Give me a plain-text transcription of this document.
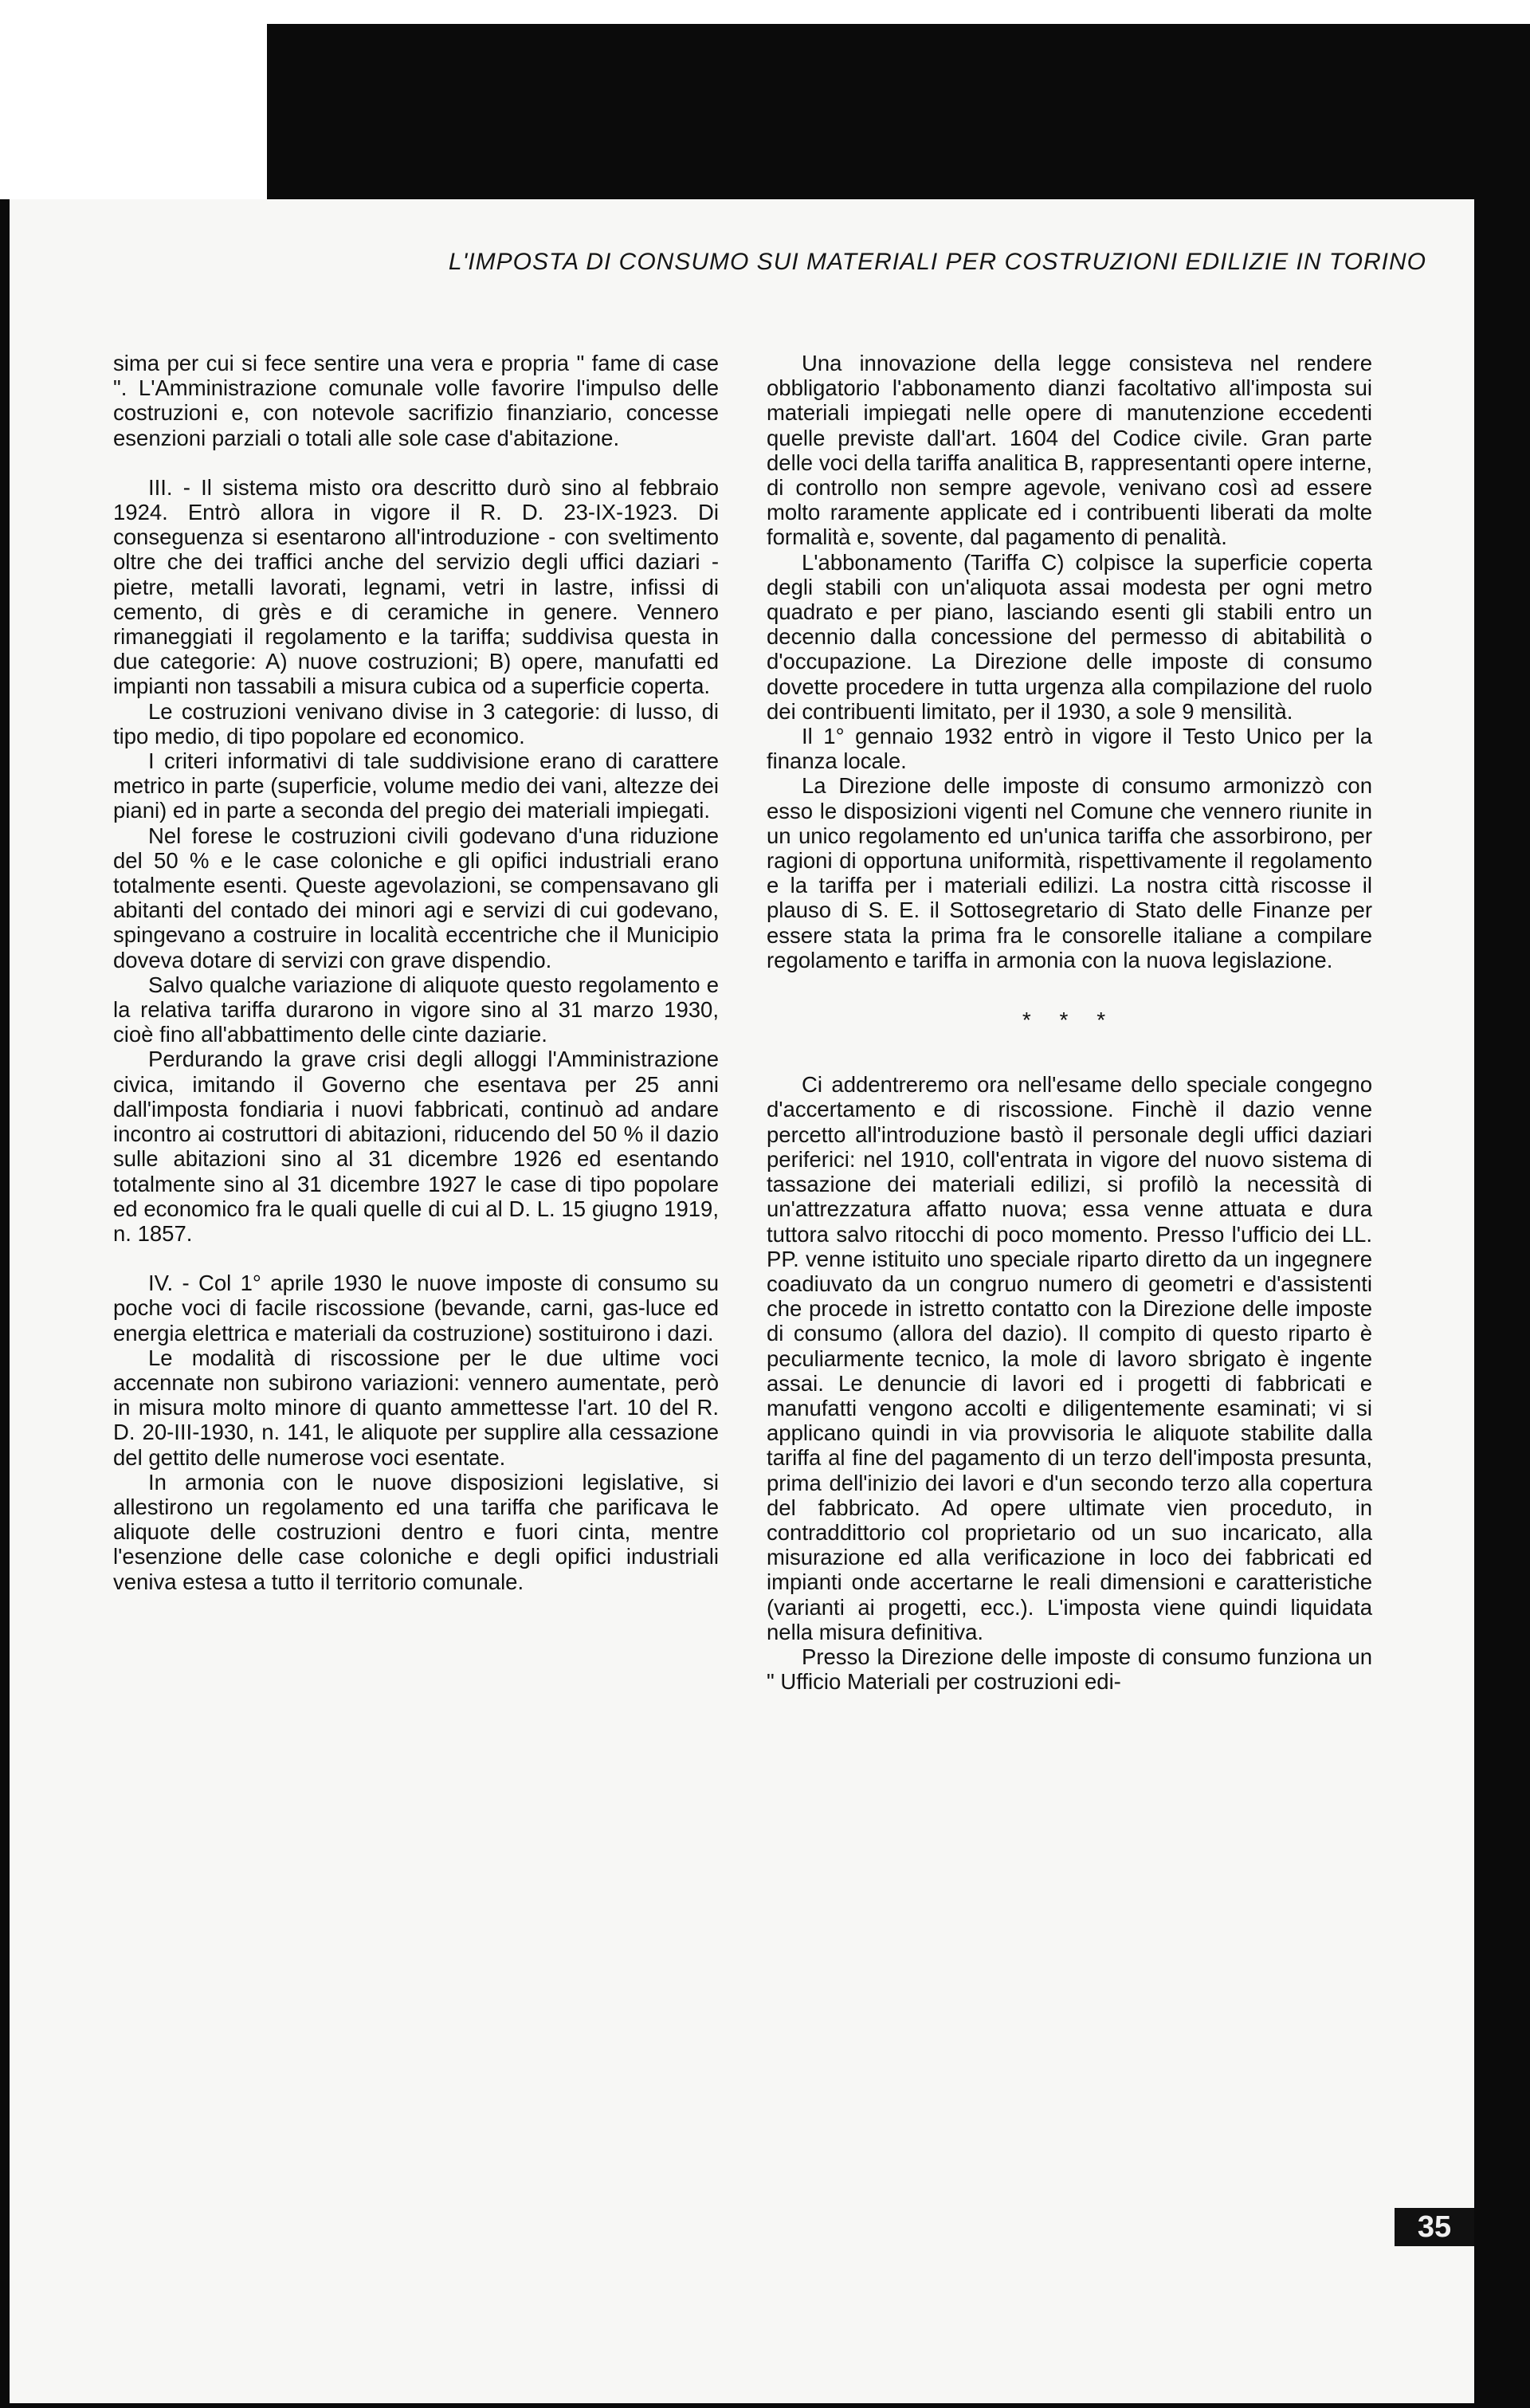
L'IMPOSTA DI CONSUMO SUI MATERIALI PER COSTRUZIONI EDILIZIE IN TORINO

sima per cui si fece sentire una vera e propria " fame di case ". L'Amministrazione comunale volle favorire l'impulso delle costruzioni e, con notevole sacrifizio finanziario, concesse esenzioni parziali o totali alle sole case d'abitazione.

III. - Il sistema misto ora descritto durò sino al febbraio 1924. Entrò allora in vigore il R. D. 23-IX-1923. Di conseguenza si esentarono all'introduzione - con sveltimento oltre che dei traffici anche del servizio degli uffici daziari - pietre, metalli lavorati, legnami, vetri in lastre, infissi di cemento, di grès e di ceramiche in genere. Vennero rimaneggiati il regolamento e la tariffa; suddivisa questa in due categorie: A) nuove costruzioni; B) opere, manufatti ed impianti non tassabili a misura cubica od a superficie coperta.

Le costruzioni venivano divise in 3 categorie: di lusso, di tipo medio, di tipo popolare ed economico.

I criteri informativi di tale suddivisione erano di carattere metrico in parte (superficie, volume medio dei vani, altezze dei piani) ed in parte a seconda del pregio dei materiali impiegati.

Nel forese le costruzioni civili godevano d'una riduzione del 50 % e le case coloniche e gli opifici industriali erano totalmente esenti. Queste agevolazioni, se compensavano gli abitanti del contado dei minori agi e servizi di cui godevano, spingevano a costruire in località eccentriche che il Municipio doveva dotare di servizi con grave dispendio.

Salvo qualche variazione di aliquote questo regolamento e la relativa tariffa durarono in vigore sino al 31 marzo 1930, cioè fino all'abbattimento delle cinte daziarie.

Perdurando la grave crisi degli alloggi l'Amministrazione civica, imitando il Governo che esentava per 25 anni dall'imposta fondiaria i nuovi fabbricati, continuò ad andare incontro ai costruttori di abitazioni, riducendo del 50 % il dazio sulle abitazioni sino al 31 dicembre 1926 ed esentando totalmente sino al 31 dicembre 1927 le case di tipo popolare ed economico fra le quali quelle di cui al D. L. 15 giugno 1919, n. 1857.

IV. - Col 1° aprile 1930 le nuove imposte di consumo su poche voci di facile riscossione (bevande, carni, gas-luce ed energia elettrica e materiali da costruzione) sostituirono i dazi.

Le modalità di riscossione per le due ultime voci accennate non subirono variazioni: vennero aumentate, però in misura molto minore di quanto ammettesse l'art. 10 del R. D. 20-III-1930, n. 141, le aliquote per supplire alla cessazione del gettito delle numerose voci esentate.

In armonia con le nuove disposizioni legislative, si allestirono un regolamento ed una tariffa che parificava le aliquote delle costruzioni dentro e fuori cinta, mentre l'esenzione delle case coloniche e degli opifici industriali veniva estesa a tutto il territorio comunale.

Una innovazione della legge consisteva nel rendere obbligatorio l'abbonamento dianzi facoltativo all'imposta sui materiali impiegati nelle opere di manutenzione eccedenti quelle previste dall'art. 1604 del Codice civile. Gran parte delle voci della tariffa analitica B, rappresentanti opere interne, di controllo non sempre agevole, venivano così ad essere molto raramente applicate ed i contribuenti liberati da molte formalità e, sovente, dal pagamento di penalità.

L'abbonamento (Tariffa C) colpisce la superficie coperta degli stabili con un'aliquota assai modesta per ogni metro quadrato e per piano, lasciando esenti gli stabili entro un decennio dalla concessione del permesso di abitabilità o d'occupazione. La Direzione delle imposte di consumo dovette procedere in tutta urgenza alla compilazione del ruolo dei contribuenti limitato, per il 1930, a sole 9 mensilità.

Il 1° gennaio 1932 entrò in vigore il Testo Unico per la finanza locale.

La Direzione delle imposte di consumo armonizzò con esso le disposizioni vigenti nel Comune che vennero riunite in un unico regolamento ed un'unica tariffa che assorbirono, per ragioni di opportuna uniformità, rispettivamente il regolamento e la tariffa per i materiali edilizi. La nostra città riscosse il plauso di S. E. il Sottosegretario di Stato delle Finanze per essere stata la prima fra le consorelle italiane a compilare regolamento e tariffa in armonia con la nuova legislazione.

* * *

Ci addentreremo ora nell'esame dello speciale congegno d'accertamento e di riscossione. Finchè il dazio venne percetto all'introduzione bastò il personale degli uffici daziari periferici: nel 1910, coll'entrata in vigore del nuovo sistema di tassazione dei materiali edilizi, si profilò la necessità di un'attrezzatura affatto nuova; essa venne attuata e dura tuttora salvo ritocchi di poco momento. Presso l'ufficio dei LL. PP. venne istituito uno speciale riparto diretto da un ingegnere coadiuvato da un congruo numero di geometri e d'assistenti che procede in istretto contatto con la Direzione delle imposte di consumo (allora del dazio). Il compito di questo riparto è peculiarmente tecnico, la mole di lavoro sbrigato è ingente assai. Le denuncie di lavori ed i progetti di fabbricati e manufatti vengono accolti e diligentemente esaminati; vi si applicano quindi in via provvisoria le aliquote stabilite dalla tariffa al fine del pagamento di un terzo dell'imposta presunta, prima dell'inizio dei lavori e d'un secondo terzo alla copertura del fabbricato. Ad opere ultimate vien proceduto, in contraddittorio col proprietario od un suo incaricato, alla misurazione ed alla verificazione in loco dei fabbricati ed impianti onde accertarne le reali dimensioni e caratteristiche (varianti ai progetti, ecc.). L'imposta viene quindi liquidata nella misura definitiva.

Presso la Direzione delle imposte di consumo funziona un " Ufficio Materiali per costruzioni edi-

35
